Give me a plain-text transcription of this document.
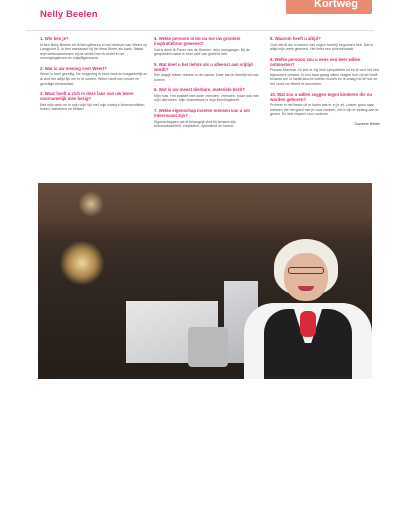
Kortweg
Nelly Beelen
1. Wie ben je?
Ik ben Nelly Beelen en ik ben geboren in het centrum van Weert op Langpoort 5. Ik ben werkzaam bij de firma Weert als bank. Naast mijn werkzaamheden bij de winkel ben ik actief in het verenigingsleven en vrijwilligerswerk.
2. Wat is uw mening over Weert?
Weert is heel gezellig. De omgeving is heel mooi en toegankelijk en ik vind het altijd fijn om er te wonen. Weert heeft een mooie en gezellige binnenstad.
3. Waar heeft u zich in deze fase van uw leven voornamelijk mee bezig?
Met mijn werk en in mijn vrije tijd met mijn hobby's bloemschikken, koken, wandelen en fietsen.
4. Welke persoon is tot nu toe uw grootste inspiratiebron geweest?
Dat is denk ik Paver van de Hoeven; mijn voorganger. Bij de gesprekken waar ik heel veel van geleerd heb.
5. Wat doet u het liefste als u alleenst aan vrijtijd wordt?
Een stapje lekker relaxen in de sauna. Daar kan ik heerlijk tot rust komen.
6. Wat is uw meest dierbare, materiele bezit?
Mijn huis. Het positief met oude vrienden, vrienden, maar ook met mijn dierbaren. Mijn Jeannieses is mijn lievelingsbezit.
7. Welke eigenschap moeten mensen van u om interessant zijn?
Eigenschappen die ik belangrijk vind bij iemand zijn betrouwbaarheid, creativiteit, optimisme en humor.
8. Waarom heeft u altijd?
Ooit heb ik die in wezen van nogen toedrijf begonnen heb. Dat is altijd mijn werk geweest. Het liefst een bloemenzaak.
9. Welke persoon zou u eens een keer willen ontmoeten?
Prinses Maxima. Ze ziet er mij heel sympathiek uit en ik vind het een bijzondere prinses. Ik zou haar graag willen vragen hoe zij het heeft ervaren om in Nederland te komen wonen en ik vraag me af hoe ze het vond om Weert te bezoeken.
10. Wat zou u willen zeggen tegen kinderen die nu worden geboren?
Probeer in het beste uit te halen wat er in je zit. Luister goed naar mensen die het goed met je voor hebben, het is fijn er belang aan te geven. En heb respect voor ouderen.
Suzanne Wolter
